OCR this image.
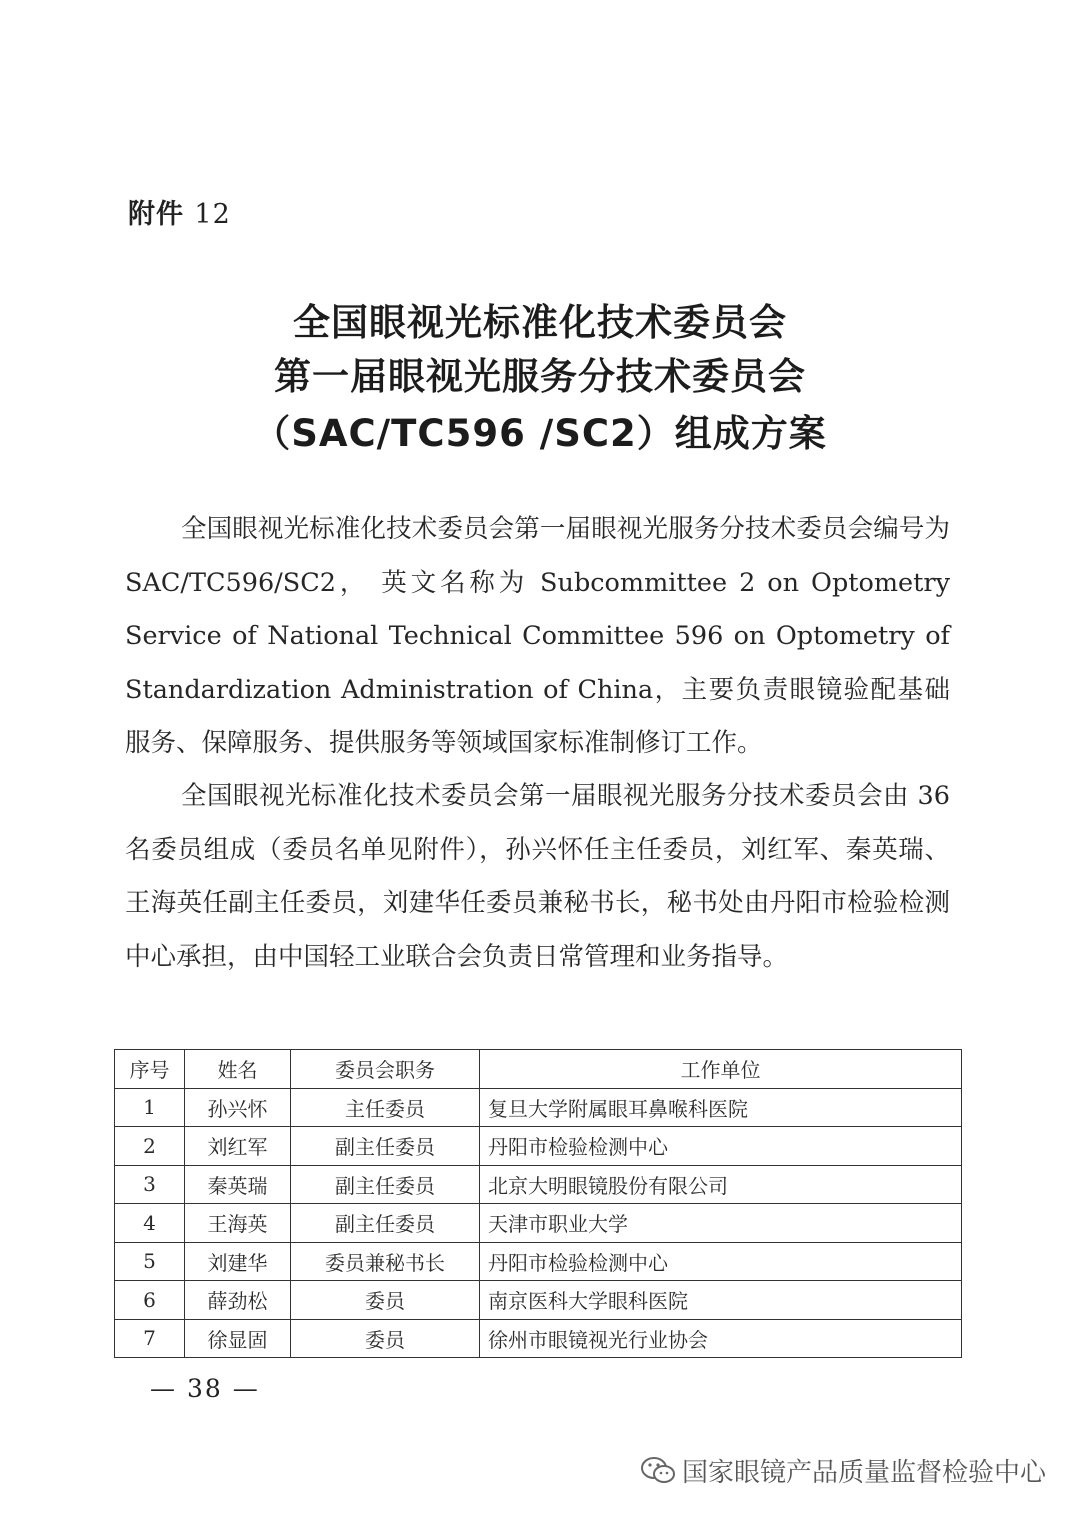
附件 12
全国眼视光标准化技术委员会
第一届眼视光服务分技术委员会
（SAC/TC596 /SC2）组成方案
全国眼视光标准化技术委员会第一届眼视光服务分技术委员会编号为 SAC/TC596/SC2， 英文名称为 Subcommittee 2 on Optometry Service of National Technical Committee 596 on Optometry of Standardization Administration of China，主要负责眼镜验配基础服务、保障服务、提供服务等领域国家标准制修订工作。
全国眼视光标准化技术委员会第一届眼视光服务分技术委员会由 36 名委员组成（委员名单见附件），孙兴怀任主任委员，刘红军、秦英瑞、王海英任副主任委员，刘建华任委员兼秘书长，秘书处由丹阳市检验检测中心承担，由中国轻工业联合会负责日常管理和业务指导。
序号	姓名	委员会职务	工作单位
1	孙兴怀	主任委员	复旦大学附属眼耳鼻喉科医院
2	刘红军	副主任委员	丹阳市检验检测中心
3	秦英瑞	副主任委员	北京大明眼镜股份有限公司
4	王海英	副主任委员	天津市职业大学
5	刘建华	委员兼秘书长	丹阳市检验检测中心
6	薛劲松	委员	南京医科大学眼科医院
7	徐显固	委员	徐州市眼镜视光行业协会
— 38 —
国家眼镜产品质量监督检验中心
